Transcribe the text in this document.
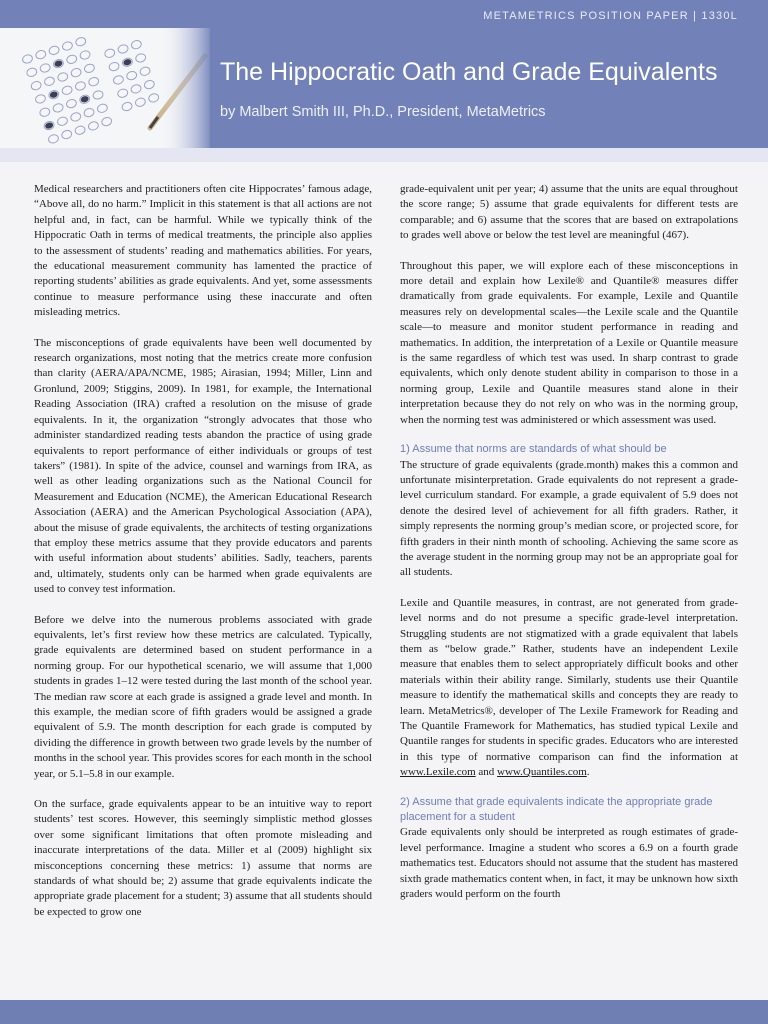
METAMETRICS POSITION PAPER | 1330L
The Hippocratic Oath and Grade Equivalents
by Malbert Smith III, Ph.D., President, MetaMetrics

Medical researchers and practitioners often cite Hippocrates’ famous adage, “Above all, do no harm.” Implicit in this statement is that all actions are not helpful and, in fact, can be harmful. While we typically think of the Hippocratic Oath in terms of medical treatments, the principle also applies to the assessment of students’ reading and mathematics abilities. For years, the educational measurement community has lamented the practice of reporting students’ abilities as grade equivalents. And yet, some assessments continue to measure performance using these inaccurate and often misleading metrics.

The misconceptions of grade equivalents have been well documented by research organizations, most noting that the metrics create more confusion than clarity (AERA/APA/NCME, 1985; Airasian, 1994; Miller, Linn and Gronlund, 2009; Stiggins, 2009). In 1981, for example, the International Reading Association (IRA) crafted a resolution on the misuse of grade equivalents. In it, the organization “strongly advocates that those who administer standardized reading tests abandon the practice of using grade equivalents to report performance of either individuals or groups of test takers” (1981). In spite of the advice, counsel and warnings from IRA, as well as other leading organizations such as the National Council for Measurement and Education (NCME), the American Educational Research Association (AERA) and the American Psychological Association (APA), about the misuse of grade equivalents, the architects of testing organizations that employ these metrics assume that they provide educators and parents with useful information about students’ abilities. Sadly, teachers, parents and, ultimately, students only can be harmed when grade equivalents are used to convey test information.

Before we delve into the numerous problems associated with grade equivalents, let’s first review how these metrics are calculated. Typically, grade equivalents are determined based on student performance in a norming group. For our hypothetical scenario, we will assume that 1,000 students in grades 1–12 were tested during the last month of the school year. The median raw score at each grade is assigned a grade level and month. In this example, the median score of fifth graders would be assigned a grade equivalent of 5.9. The month description for each grade is computed by dividing the difference in growth between two grade levels by the number of months in the school year. This provides scores for each month in the school year, or 5.1–5.8 in our example.

On the surface, grade equivalents appear to be an intuitive way to report students’ test scores. However, this seemingly simplistic method glosses over some significant limitations that often promote misleading and inaccurate interpretations of the data. Miller et al (2009) highlight six misconceptions concerning these metrics: 1) assume that norms are standards of what should be; 2) assume that grade equivalents indicate the appropriate grade placement for a student; 3) assume that all students should be expected to grow one

grade-equivalent unit per year; 4) assume that the units are equal throughout the score range; 5) assume that grade equivalents for different tests are comparable; and 6) assume that the scores that are based on extrapolations to grades well above or below the test level are meaningful (467).

Throughout this paper, we will explore each of these misconceptions in more detail and explain how Lexile® and Quantile® measures differ dramatically from grade equivalents. For example, Lexile and Quantile measures rely on developmental scales—the Lexile scale and the Quantile scale—to measure and monitor student performance in reading and mathematics. In addition, the interpretation of a Lexile or Quantile measure is the same regardless of which test was used. In sharp contrast to grade equivalents, which only denote student ability in comparison to those in a norming group, Lexile and Quantile measures stand alone in their interpretation because they do not rely on who was in the norming group, when the norming test was administered or which assessment was used.

1) Assume that norms are standards of what should be

The structure of grade equivalents (grade.month) makes this a common and unfortunate misinterpretation. Grade equivalents do not represent a grade-level curriculum standard. For example, a grade equivalent of 5.9 does not denote the desired level of achievement for all fifth graders. Rather, it simply represents the norming group’s median score, or projected score, for fifth graders in their ninth month of schooling. Achieving the same score as the average student in the norming group may not be an appropriate goal for all students.

Lexile and Quantile measures, in contrast, are not generated from grade-level norms and do not presume a specific grade-level interpretation. Struggling students are not stigmatized with a grade equivalent that labels them as “below grade.” Rather, students have an independent Lexile measure that enables them to select appropriately difficult books and other materials within their ability range. Similarly, students use their Quantile measure to identify the mathematical skills and concepts they are ready to learn. MetaMetrics®, developer of The Lexile Framework for Reading and The Quantile Framework for Mathematics, has studied typical Lexile and Quantile ranges for students in specific grades. Educators who are interested in this type of normative comparison can find the information at www.Lexile.com and www.Quantiles.com.

2) Assume that grade equivalents indicate the appropriate grade placement for a student

Grade equivalents only should be interpreted as rough estimates of grade-level performance. Imagine a student who scores a 6.9 on a fourth grade mathematics test. Educators should not assume that the student has mastered sixth grade mathematics content when, in fact, it may be unknown how sixth graders would perform on the fourth
